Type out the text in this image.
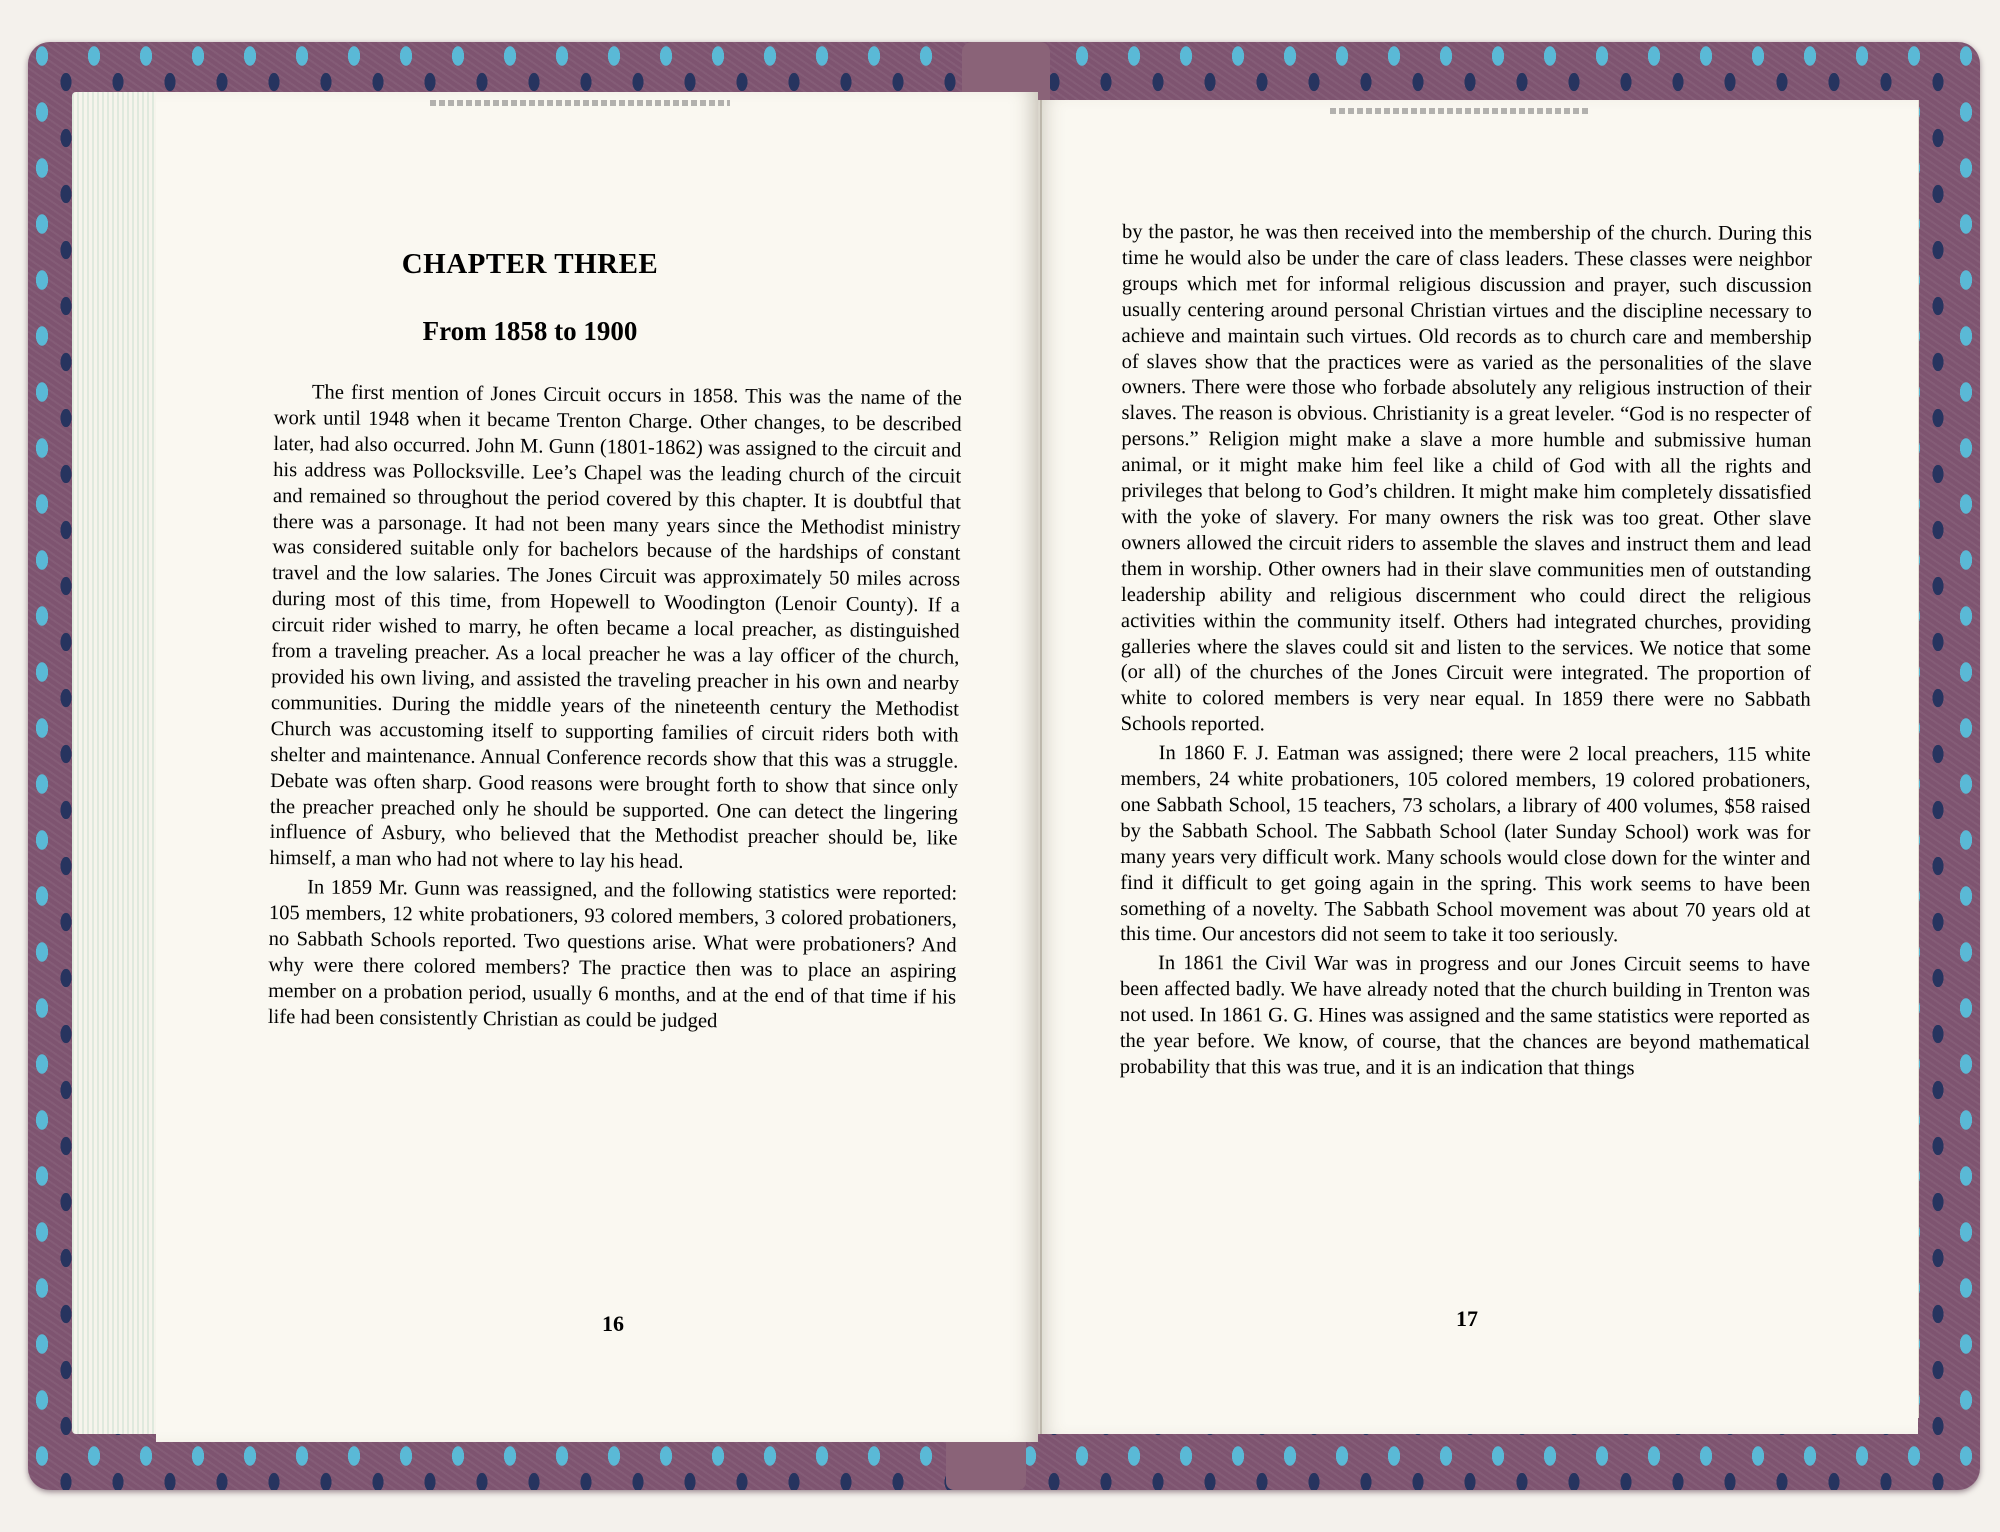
CHAPTER THREE
From 1858 to 1900

The first mention of Jones Circuit occurs in 1858. This was the name of the work until 1948 when it became Trenton Charge. Other changes, to be described later, had also occurred. John M. Gunn (1801-1862) was assigned to the circuit and his address was Pollocksville. Lee’s Chapel was the leading church of the circuit and remained so throughout the period covered by this chapter. It is doubtful that there was a parsonage. It had not been many years since the Methodist ministry was considered suitable only for bachelors because of the hardships of constant travel and the low salaries. The Jones Circuit was approximately 50 miles across during most of this time, from Hopewell to Woodington (Lenoir County). If a circuit rider wished to marry, he often became a local preacher, as distinguished from a traveling preacher. As a local preacher he was a lay officer of the church, provided his own living, and assisted the traveling preacher in his own and nearby communities. During the middle years of the nineteenth century the Methodist Church was accustoming itself to supporting families of circuit riders both with shelter and maintenance. Annual Conference records show that this was a struggle. Debate was often sharp. Good reasons were brought forth to show that since only the preacher preached only he should be supported. One can detect the lingering influence of Asbury, who believed that the Methodist preacher should be, like himself, a man who had not where to lay his head.

In 1859 Mr. Gunn was reassigned, and the following statistics were reported: 105 members, 12 white probationers, 93 colored members, 3 colored probationers, no Sabbath Schools reported. Two questions arise. What were probationers? And why were there colored members? The practice then was to place an aspiring member on a probation period, usually 6 months, and at the end of that time if his life had been consistently Christian as could be judged

by the pastor, he was then received into the membership of the church. During this time he would also be under the care of class leaders. These classes were neighbor groups which met for informal religious discussion and prayer, such discussion usually centering around personal Christian virtues and the discipline necessary to achieve and maintain such virtues. Old records as to church care and membership of slaves show that the practices were as varied as the personalities of the slave owners. There were those who forbade absolutely any religious instruction of their slaves. The reason is obvious. Christianity is a great leveler. “God is no respecter of persons.” Religion might make a slave a more humble and submissive human animal, or it might make him feel like a child of God with all the rights and privileges that belong to God’s children. It might make him completely dissatisfied with the yoke of slavery. For many owners the risk was too great. Other slave owners allowed the circuit riders to assemble the slaves and instruct them and lead them in worship. Other owners had in their slave communities men of outstanding leadership ability and religious discernment who could direct the religious activities within the community itself. Others had integrated churches, providing galleries where the slaves could sit and listen to the services. We notice that some (or all) of the churches of the Jones Circuit were integrated. The proportion of white to colored members is very near equal. In 1859 there were no Sabbath Schools reported.

In 1860 F. J. Eatman was assigned; there were 2 local preachers, 115 white members, 24 white probationers, 105 colored members, 19 colored probationers, one Sabbath School, 15 teachers, 73 scholars, a library of 400 volumes, $58 raised by the Sabbath School. The Sabbath School (later Sunday School) work was for many years very difficult work. Many schools would close down for the winter and find it difficult to get going again in the spring. This work seems to have been something of a novelty. The Sabbath School movement was about 70 years old at this time. Our ancestors did not seem to take it too seriously.

In 1861 the Civil War was in progress and our Jones Circuit seems to have been affected badly. We have already noted that the church building in Trenton was not used. In 1861 G. G. Hines was assigned and the same statistics were reported as the year before. We know, of course, that the chances are beyond mathematical probability that this was true, and it is an indication that things

16	17
